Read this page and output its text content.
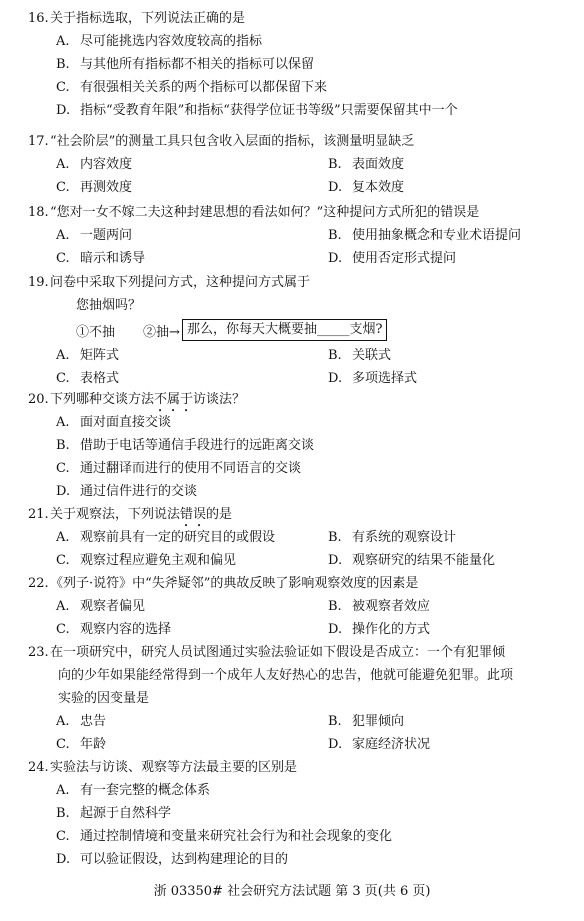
16. 关于指标选取，下列说法正确的是
A. 尽可能挑选内容效度较高的指标
B. 与其他所有指标都不相关的指标可以保留
C. 有很强相关关系的两个指标可以都保留下来
D. 指标“受教育年限”和指标“获得学位证书等级”只需要保留其中一个
17. “社会阶层”的测量工具只包含收入层面的指标，该测量明显缺乏
A. 内容效度	B. 表面效度
C. 再测效度	D. 复本效度
18. “您对一女不嫁二夫这种封建思想的看法如何？”这种提问方式所犯的错误是
A. 一题两问	B. 使用抽象概念和专业术语提问
C. 暗示和诱导	D. 使用否定形式提问
19. 问卷中采取下列提问方式，这种提问方式属于
您抽烟吗？
①不抽 ②抽→ 那么，你每天大概要抽_____支烟?
A. 矩阵式	B. 关联式
C. 表格式	D. 多项选择式
20. 下列哪种交谈方法不属于访谈法？
A. 面对面直接交谈
B. 借助于电话等通信手段进行的远距离交谈
C. 通过翻译而进行的使用不同语言的交谈
D. 通过信件进行的交谈
21. 关于观察法，下列说法错误的是
A. 观察前具有一定的研究目的或假设	B. 有系统的观察设计
C. 观察过程应避免主观和偏见	D. 观察研究的结果不能量化
22. 《列子·说符》中“失斧疑邻”的典故反映了影响观察效度的因素是
A. 观察者偏见	B. 被观察者效应
C. 观察内容的选择	D. 操作化的方式
23. 在一项研究中，研究人员试图通过实验法验证如下假设是否成立：一个有犯罪倾
向的少年如果能经常得到一个成年人友好热心的忠告，他就可能避免犯罪。此项
实验的因变量是
A. 忠告	B. 犯罪倾向
C. 年龄	D. 家庭经济状况
24. 实验法与访谈、观察等方法最主要的区别是
A. 有一套完整的概念体系
B. 起源于自然科学
C. 通过控制情境和变量来研究社会行为和社会现象的变化
D. 可以验证假设，达到构建理论的目的
浙 03350# 社会研究方法试题 第 3 页(共 6 页)
